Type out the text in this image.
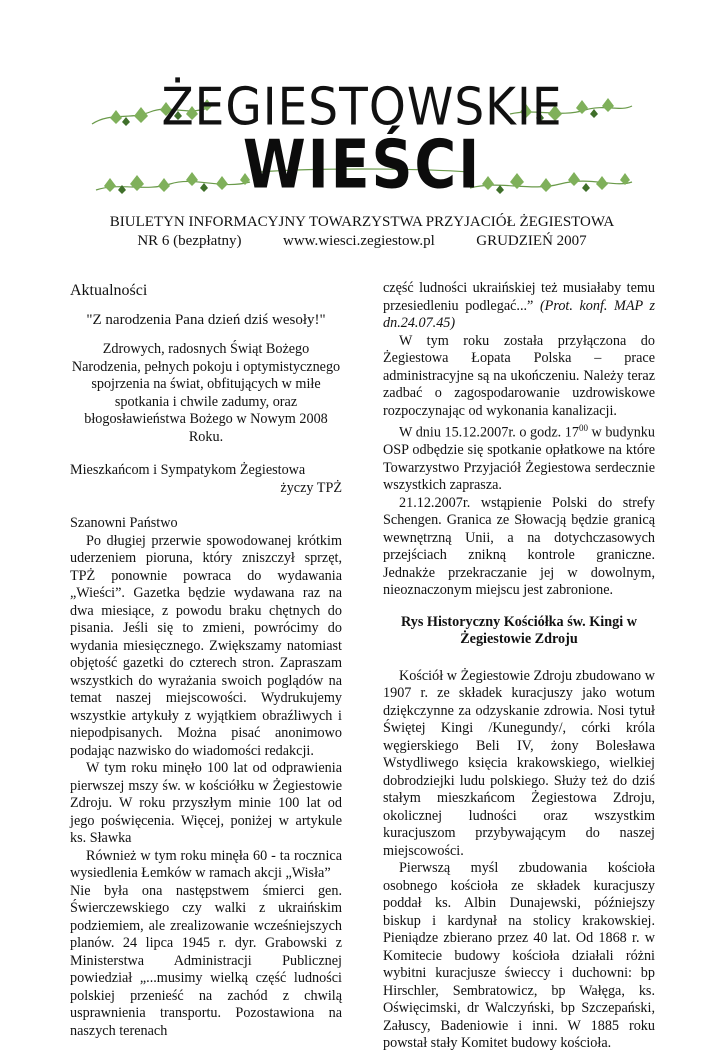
ŻEGIESTOWSKIE
WIEŚCI
BIULETYN INFORMACYJNY TOWARZYSTWA PRZYJACIÓŁ ŻEGIESTOWA
NR 6 (bezpłatny)	www.wiesci.zegiestow.pl	GRUDZIEŃ 2007

Aktualności

"Z narodzenia Pana dzień dziś wesoły!"

Zdrowych, radosnych Świąt Bożego Narodzenia, pełnych pokoju i optymistycznego spojrzenia na świat, obfitujących w miłe spotkania i chwile zadumy, oraz błogosławieństwa Bożego w Nowym 2008 Roku.

Mieszkańcom i Sympatykom Żegiestowa

życzy TPŻ

Szanowni Państwo

Po długiej przerwie spowodowanej krótkim uderzeniem pioruna, który zniszczył sprzęt, TPŻ ponownie powraca do wydawania „Wieści”. Gazetka będzie wydawana raz na dwa miesiące, z powodu braku chętnych do pisania. Jeśli się to zmieni, powrócimy do wydania miesięcznego. Zwiększamy natomiast objętość gazetki do czterech stron. Zapraszam wszystkich do wyrażania swoich poglądów na temat naszej miejscowości. Wydrukujemy wszystkie artykuły z wyjątkiem obraźliwych i niepodpisanych. Można pisać anonimowo podając nazwisko do wiadomości redakcji.

W tym roku minęło 100 lat od odprawienia pierwszej mszy św. w kościółku w Żegiestowie Zdroju. W roku przyszłym minie 100 lat od jego poświęcenia. Więcej, poniżej w artykule ks. Sławka

Również w tym roku minęła 60 - ta rocznica wysiedlenia Łemków w ramach akcji „Wisła”

Nie była ona następstwem śmierci gen. Świerczewskiego czy walki z ukraińskim podziemiem, ale zrealizowanie wcześniejszych planów. 24 lipca 1945 r. dyr. Grabowski z Ministerstwa Administracji Publicznej powiedział „...musimy wielką część ludności polskiej przenieść na zachód z chwilą usprawnienia transportu. Pozostawiona na naszych terenach

część ludności ukraińskiej też musiałaby temu przesiedleniu podlegać...” (Prot. konf. MAP z dn.24.07.45)

W tym roku została przyłączona do Żegiestowa Łopata Polska – prace administracyjne są na ukończeniu. Należy teraz zadbać o zagospodarowanie uzdrowiskowe rozpoczynając od wykonania kanalizacji.

W dniu 15.12.2007r. o godz. $17^{00}$ w budynku OSP odbędzie się spotkanie opłatkowe na które Towarzystwo Przyjaciół Żegiestowa serdecznie wszystkich zaprasza.

21.12.2007r. wstąpienie Polski do strefy Schengen. Granica ze Słowacją będzie granicą wewnętrzną Unii, a na dotychczasowych przejściach znikną kontrole graniczne. Jednakże przekraczanie jej w dowolnym, nieoznaczonym miejscu jest zabronione.

Rys Historyczny Kościółka św. Kingi w Żegiestowie Zdroju

Kościół w Żegiestowie Zdroju zbudowano w 1907 r. ze składek kuracjuszy jako wotum dziękczynne za odzyskanie zdrowia. Nosi tytuł Świętej Kingi /Kunegundy/, córki króla węgierskiego Beli IV, żony Bolesława Wstydliwego księcia krakowskiego, wielkiej dobrodziejki ludu polskiego. Służy też do dziś stałym mieszkańcom Żegiestowa Zdroju, okolicznej ludności oraz wszystkim kuracjuszom przybywającym do naszej miejscowości.

Pierwszą myśl zbudowania kościoła osobnego kościoła ze składek kuracjuszy poddał ks. Albin Dunajewski, późniejszy biskup i kardynał na stolicy krakowskiej. Pieniądze zbierano przez 40 lat. Od 1868 r. w Komitecie budowy kościoła działali różni wybitni kuracjusze świeccy i duchowni: bp Hirschler, Sembratowicz, bp Wałęga, ks. Oświęcimski, dr Walczyński, bp Szczepański, Załuscy, Badeniowie i inni. W 1885 roku powstał stały Komitet budowy kościoła.
